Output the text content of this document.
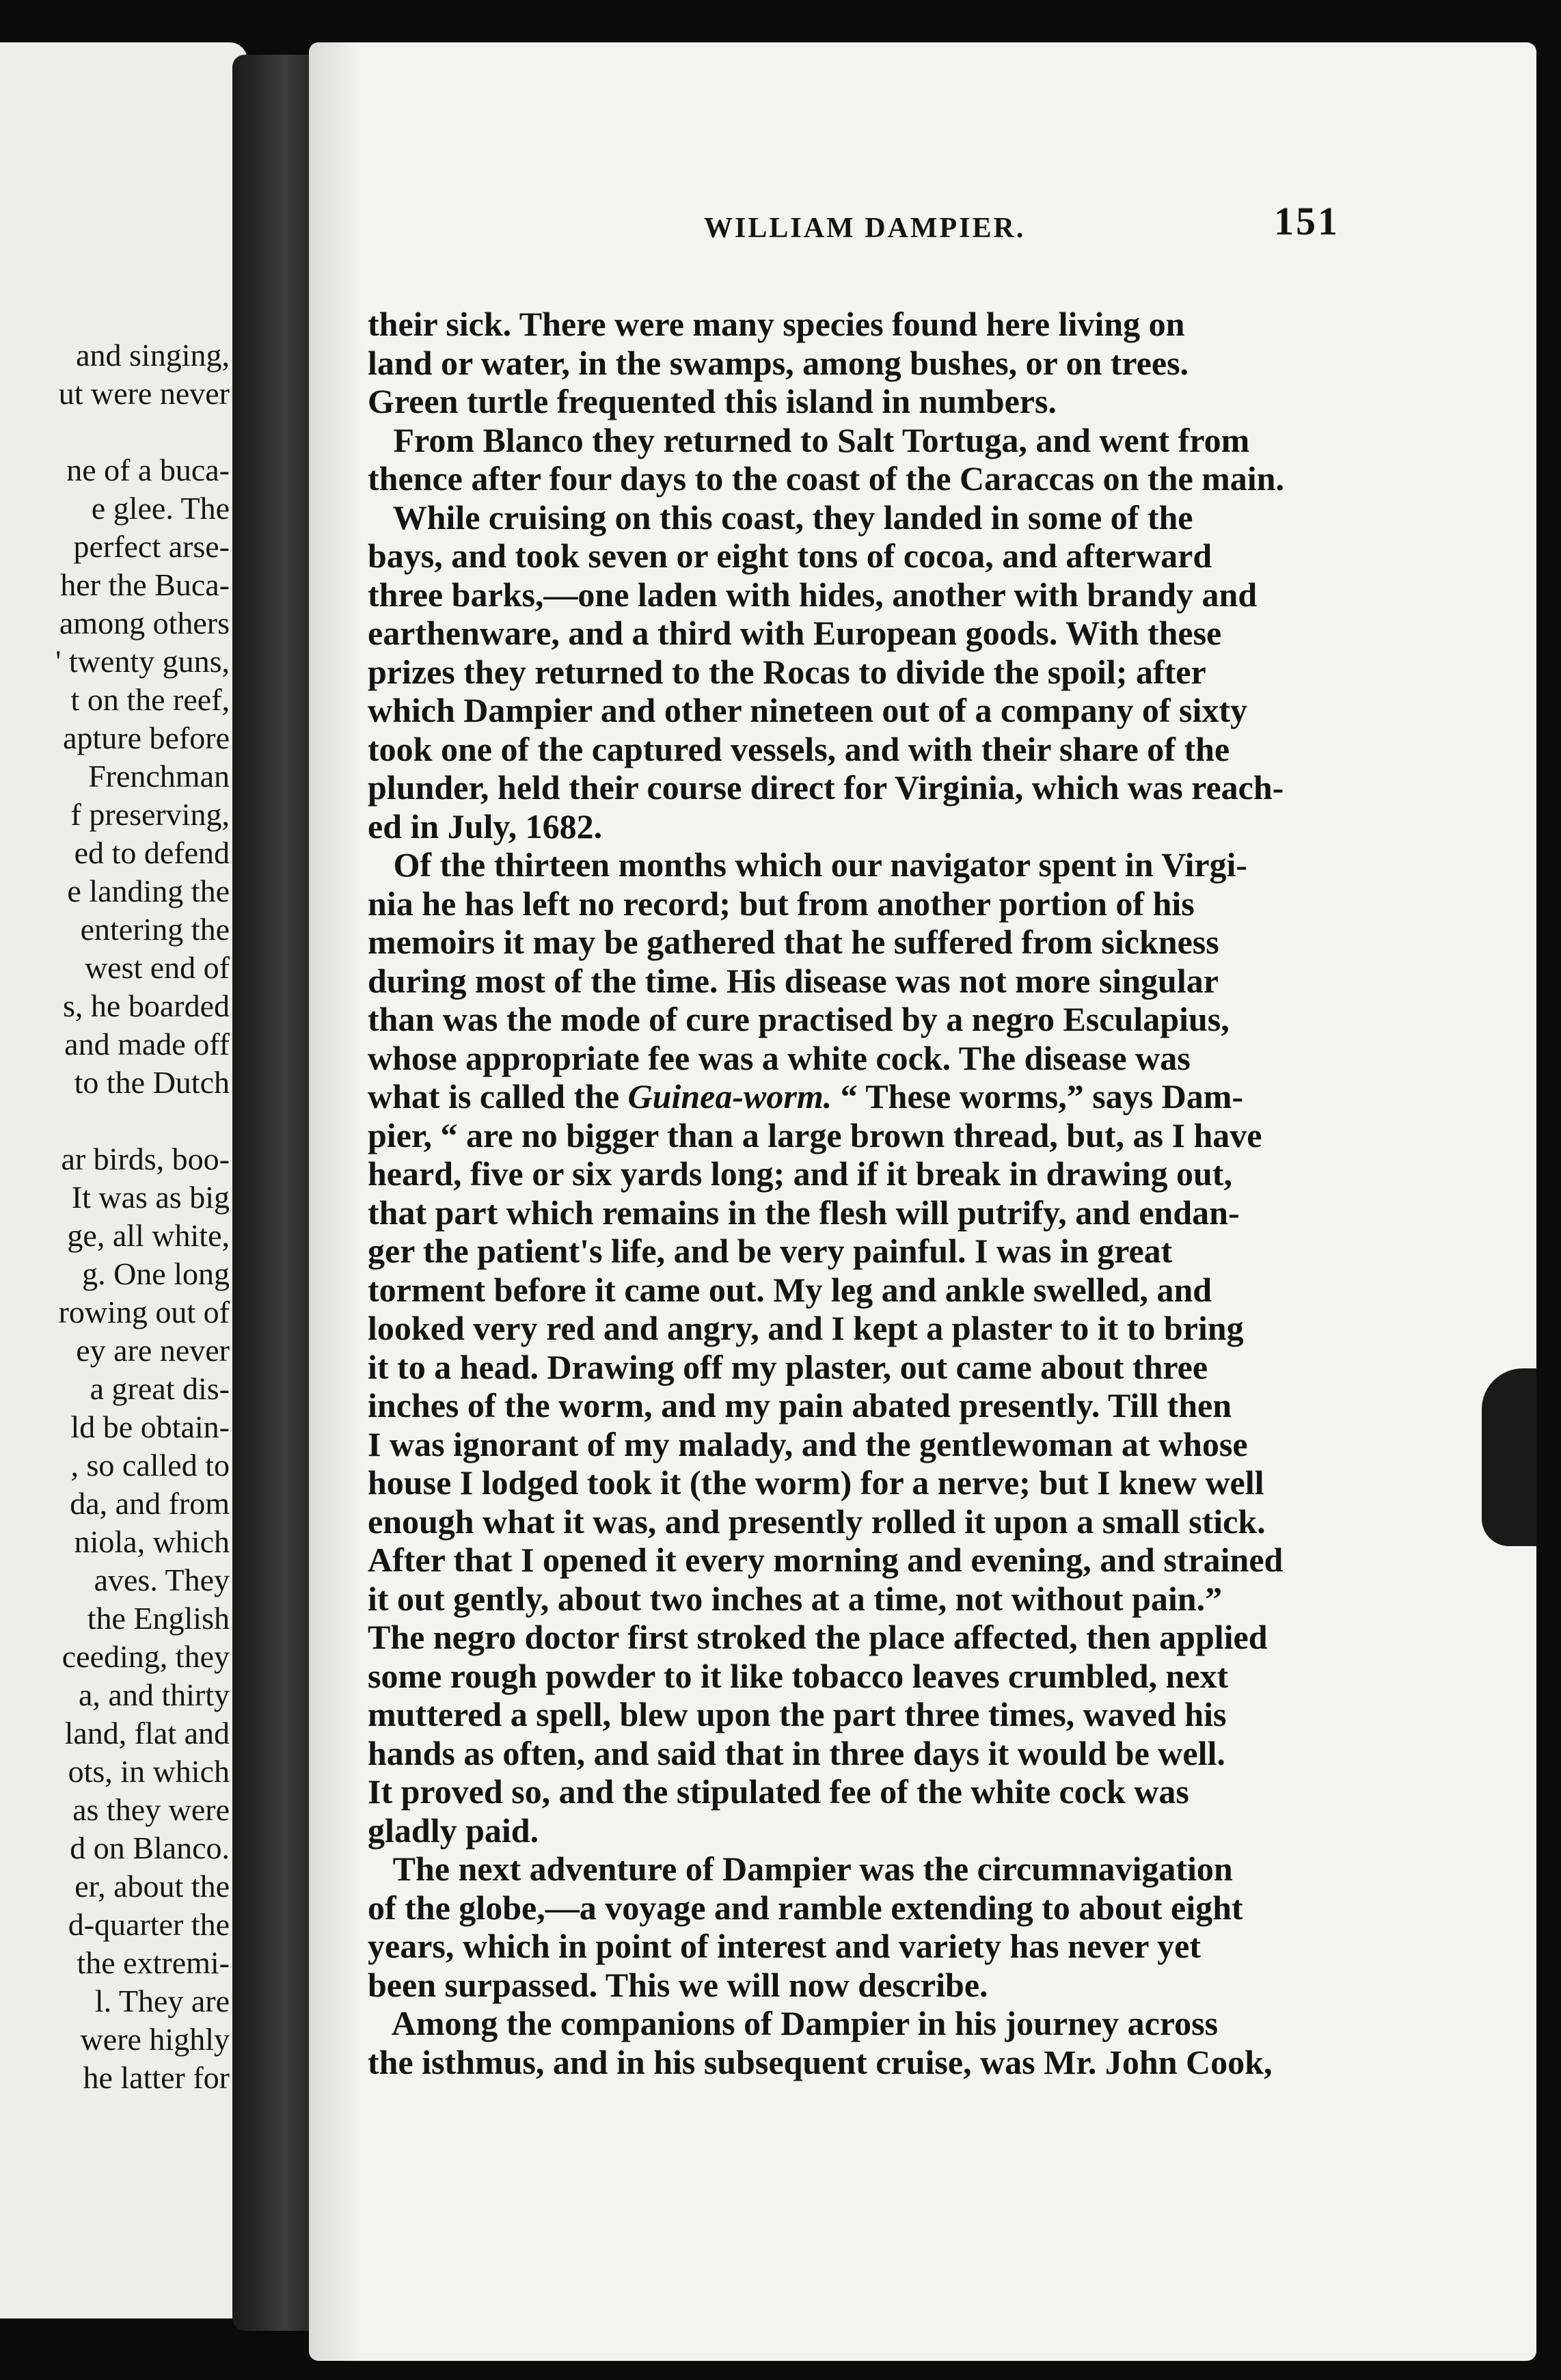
and singing,
ut were never

ne of a buca-
e glee. The
perfect arse-
her the Buca-
among others
' twenty guns,
t on the reef,
apture before
Frenchman
f preserving,
ed to defend
e landing the
entering the
west end of
s, he boarded
and made off
to the Dutch

ar birds, boo-
It was as big
ge, all white,
g. One long
rowing out of
ey are never
a great dis-
ld be obtain-
, so called to
da, and from
niola, which
aves. They
the English
ceeding, they
a, and thirty
land, flat and
ots, in which
as they were
d on Blanco.
er, about the
d-quarter the
the extremi-
l. They are
were highly
he latter for
WILLIAM DAMPIER.	151
their sick. There were many species found here living on
land or water, in the swamps, among bushes, or on trees.
Green turtle frequented this island in numbers.
From Blanco they returned to Salt Tortuga, and went from
thence after four days to the coast of the Caraccas on the main.
While cruising on this coast, they landed in some of the
bays, and took seven or eight tons of cocoa, and afterward
three barks,—one laden with hides, another with brandy and
earthenware, and a third with European goods. With these
prizes they returned to the Rocas to divide the spoil; after
which Dampier and other nineteen out of a company of sixty
took one of the captured vessels, and with their share of the
plunder, held their course direct for Virginia, which was reach-
ed in July, 1682.
Of the thirteen months which our navigator spent in Virgi-
nia he has left no record; but from another portion of his
memoirs it may be gathered that he suffered from sickness
during most of the time. His disease was not more singular
than was the mode of cure practised by a negro Esculapius,
whose appropriate fee was a white cock. The disease was
what is called the Guinea-worm. “ These worms,” says Dam-
pier, “ are no bigger than a large brown thread, but, as I have
heard, five or six yards long; and if it break in drawing out,
that part which remains in the flesh will putrify, and endan-
ger the patient's life, and be very painful. I was in great
torment before it came out. My leg and ankle swelled, and
looked very red and angry, and I kept a plaster to it to bring
it to a head. Drawing off my plaster, out came about three
inches of the worm, and my pain abated presently. Till then
I was ignorant of my malady, and the gentlewoman at whose
house I lodged took it (the worm) for a nerve; but I knew well
enough what it was, and presently rolled it upon a small stick.
After that I opened it every morning and evening, and strained
it out gently, about two inches at a time, not without pain.”
The negro doctor first stroked the place affected, then applied
some rough powder to it like tobacco leaves crumbled, next
muttered a spell, blew upon the part three times, waved his
hands as often, and said that in three days it would be well.
It proved so, and the stipulated fee of the white cock was
gladly paid.
The next adventure of Dampier was the circumnavigation
of the globe,—a voyage and ramble extending to about eight
years, which in point of interest and variety has never yet
been surpassed. This we will now describe.
Among the companions of Dampier in his journey across
the isthmus, and in his subsequent cruise, was Mr. John Cook,
